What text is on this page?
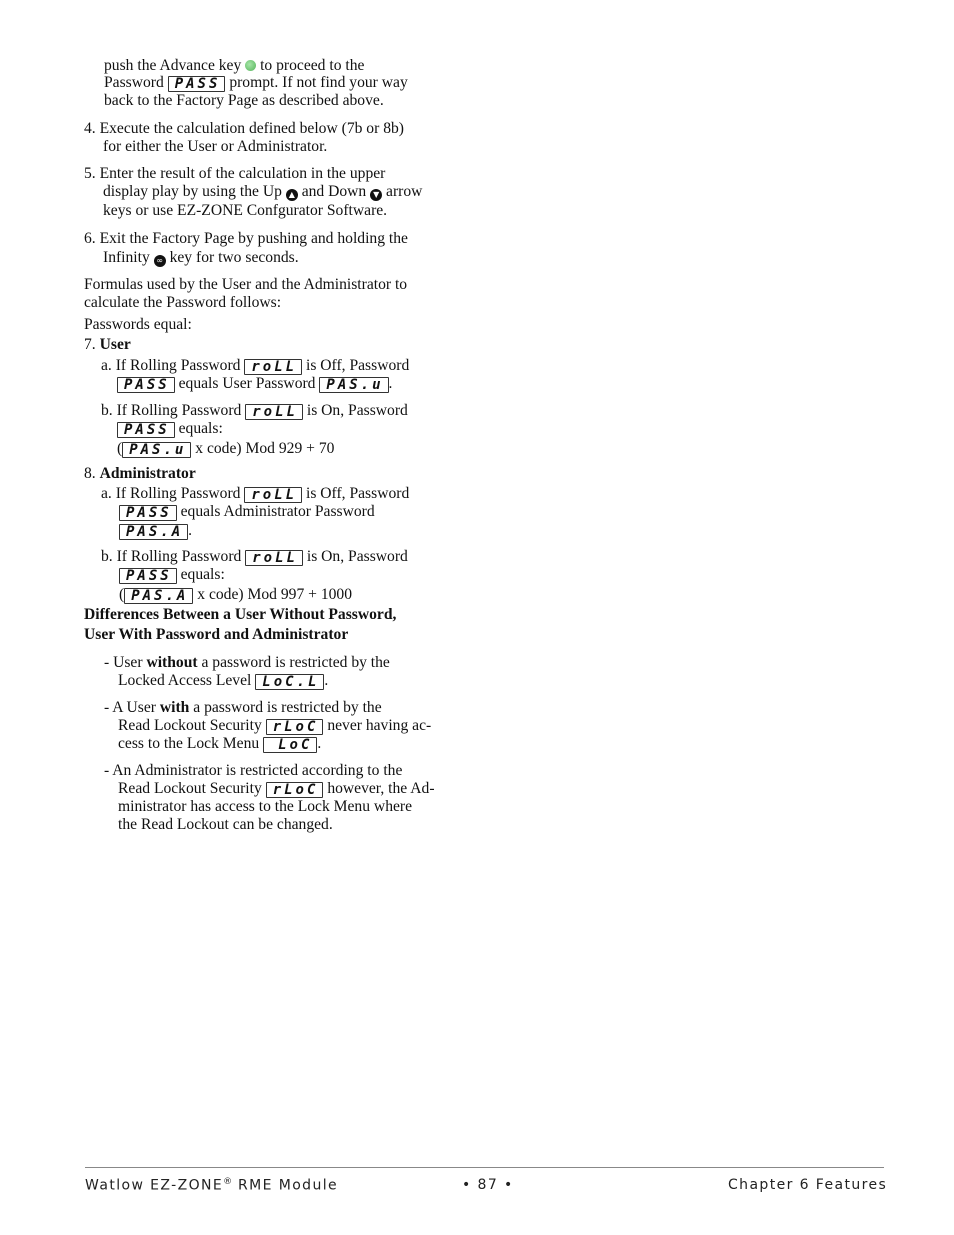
push the Advance key to proceed to the
Password PASS prompt. If not find your way
back to the Factory Page as described above.
4. Execute the calculation defined below (7b or 8b)
for either the User or Administrator.
5. Enter the result of the calculation in the upper
display play by using the Up ▲ and Down ▼ arrow
keys or use EZ-ZONE Confgurator Software.
6. Exit the Factory Page by pushing and holding the
Infinity ∞ key for two seconds.
Formulas used by the User and the Administrator to
calculate the Password follows:
Passwords equal:
7. User
a. If Rolling Password roLL is Off, Password
PASS equals User Password PAS.u .
b. If Rolling Password roLL is On, Password
PASS equals:
( PAS.u x code) Mod 929 + 70
8. Administrator
a. If Rolling Password roLL is Off, Password
PASS equals Administrator Password
PAS.A .
b. If Rolling Password roLL is On, Password
PASS equals:
( PAS.A x code) Mod 997 + 1000
Differences Between a User Without Password,
User With Password and Administrator
- User without a password is restricted by the
Locked Access Level LoC.L .
- A User with a password is restricted by the
Read Lockout Security rLoC never having ac-
cess to the Lock Menu LoC .
- An Administrator is restricted according to the
Read Lockout Security rLoC however, the Ad-
ministrator has access to the Lock Menu where
the Read Lockout can be changed.
Watlow EZ-ZONE® RME Module	• 87 •	Chapter 6 Features
